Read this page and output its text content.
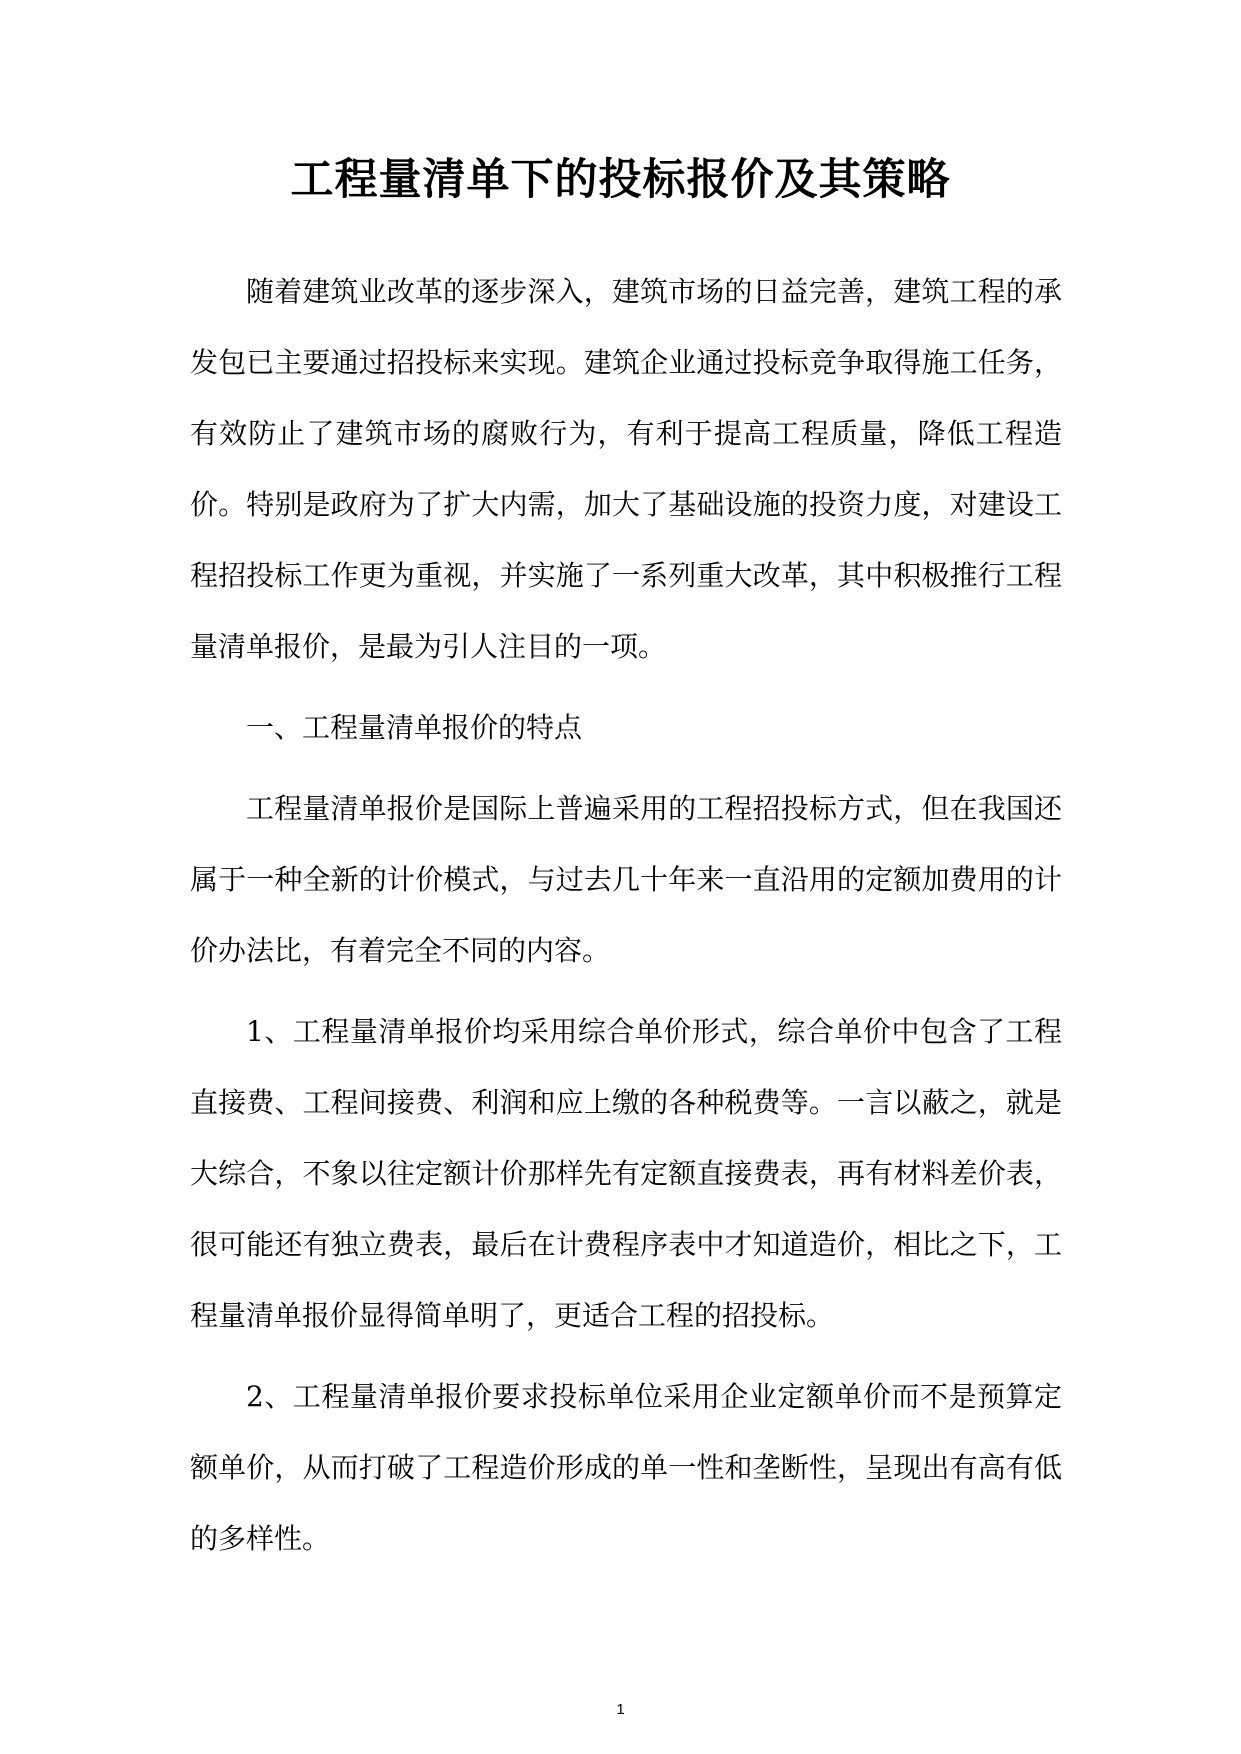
工程量清单下的投标报价及其策略

随着建筑业改革的逐步深入，建筑市场的日益完善，建筑工程的承发包已主要通过招投标来实现。建筑企业通过投标竞争取得施工任务，有效防止了建筑市场的腐败行为，有利于提高工程质量，降低工程造价。特别是政府为了扩大内需，加大了基础设施的投资力度，对建设工程招投标工作更为重视，并实施了一系列重大改革，其中积极推行工程量清单报价，是最为引人注目的一项。

一、工程量清单报价的特点

工程量清单报价是国际上普遍采用的工程招投标方式，但在我国还属于一种全新的计价模式，与过去几十年来一直沿用的定额加费用的计价办法比，有着完全不同的内容。

1、工程量清单报价均采用综合单价形式，综合单价中包含了工程直接费、工程间接费、利润和应上缴的各种税费等。一言以蔽之，就是大综合，不象以往定额计价那样先有定额直接费表，再有材料差价表，很可能还有独立费表，最后在计费程序表中才知道造价，相比之下，工程量清单报价显得简单明了，更适合工程的招投标。

2、工程量清单报价要求投标单位采用企业定额单价而不是预算定额单价，从而打破了工程造价形成的单一性和垄断性，呈现出有高有低的多样性。

1
